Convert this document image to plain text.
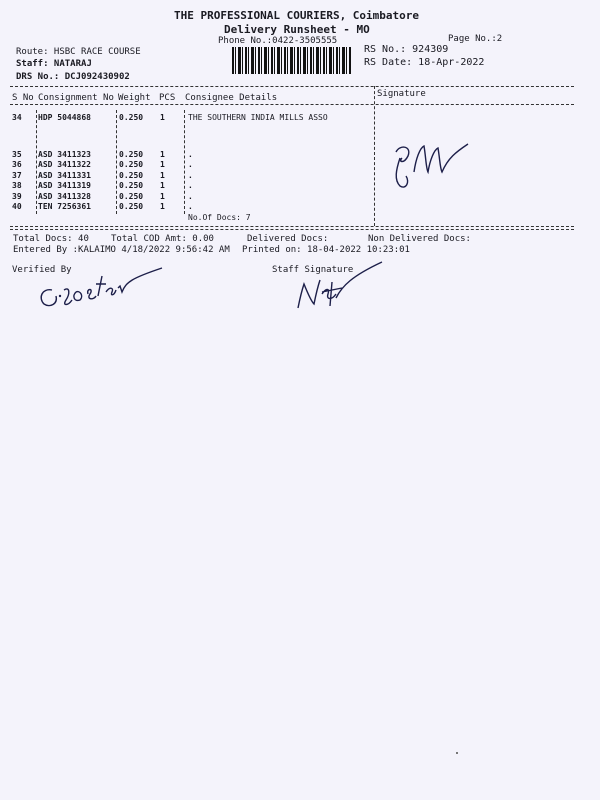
THE PROFESSIONAL COURIERS, Coimbatore
Delivery Runsheet - MO
Phone No.:0422-3505555	Page No.:2
Route: HSBC RACE COURSE
Staff: NATARAJ
DRS No.: DCJ092430902
RS No.: 924309
RS Date: 18-Apr-2022
S No Consignment No Weight PCS Consignee Details	Signature
34 HDP 5044868	0.250 1	THE SOUTHERN INDIA MILLS ASSO
35 ASD 3411323	0.250 1	.
36 ASD 3411322	0.250 1	.
37 ASD 3411331	0.250 1	.
38 ASD 3411319	0.250 1	.
39 ASD 3411328	0.250 1	.
40 TEN 7256361	0.250 1	.
No.Of Docs: 7
Total Docs: 40 Total COD Amt: 0.00	Delivered Docs:	Non Delivered Docs:
Entered By :KALAIMO 4/18/2022 9:56:42 AM Printed on: 18-04-2022 10:23:01
Verified By	Staff Signature
